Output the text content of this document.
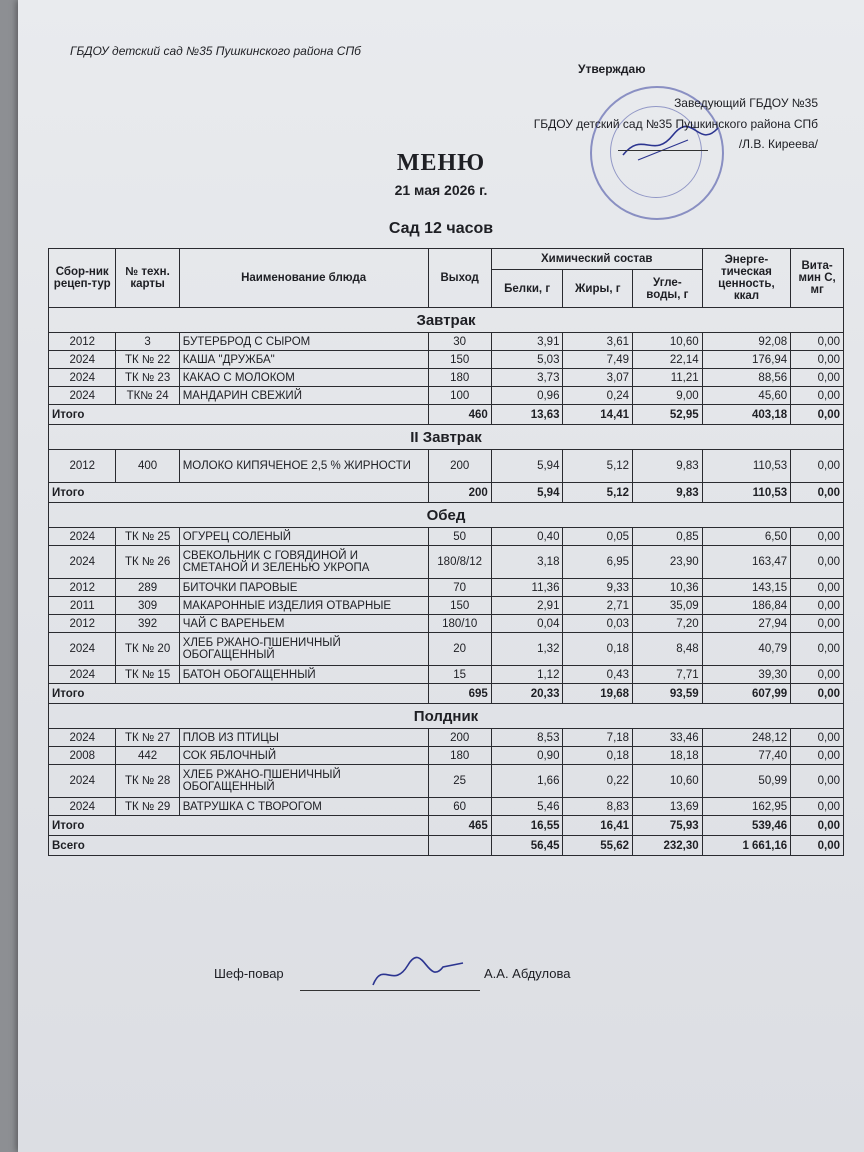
ГБДОУ детский сад №35 Пушкинского района СПб
Утверждаю
Заведующий ГБДОУ №35
ГБДОУ детский сад №35 Пушкинского района СПб
/Л.В. Киреева/
МЕНЮ
21 мая 2026 г.
Сад 12 часов
Сбор-ник рецеп-тур	№ техн. карты	Наименование блюда	Выход	Химический состав			Энерге-тическая ценность, ккал	Вита-мин С, мг
				Белки, г	Жиры, г	Угле-воды, г		
Завтрак								
2012	3	БУТЕРБРОД С СЫРОМ	30	3,91	3,61	10,60	92,08	0,00
2024	ТК № 22	КАША "ДРУЖБА"	150	5,03	7,49	22,14	176,94	0,00
2024	ТК № 23	КАКАО С МОЛОКОМ	180	3,73	3,07	11,21	88,56	0,00
2024	ТК№ 24	МАНДАРИН СВЕЖИЙ	100	0,96	0,24	9,00	45,60	0,00
Итого			460	13,63	14,41	52,95	403,18	0,00
II Завтрак								
2012	400	МОЛОКО КИПЯЧЕНОЕ 2,5 % ЖИРНОСТИ	200	5,94	5,12	9,83	110,53	0,00
Итого			200	5,94	5,12	9,83	110,53	0,00
Обед								
2024	ТК № 25	ОГУРЕЦ СОЛЕНЫЙ	50	0,40	0,05	0,85	6,50	0,00
2024	ТК № 26	СВЕКОЛЬНИК С ГОВЯДИНОЙ И СМЕТАНОЙ И ЗЕЛЕНЬЮ УКРОПА	180/8/12	3,18	6,95	23,90	163,47	0,00
2012	289	БИТОЧКИ ПАРОВЫЕ	70	11,36	9,33	10,36	143,15	0,00
2011	309	МАКАРОННЫЕ ИЗДЕЛИЯ ОТВАРНЫЕ	150	2,91	2,71	35,09	186,84	0,00
2012	392	ЧАЙ С ВАРЕНЬЕМ	180/10	0,04	0,03	7,20	27,94	0,00
2024	ТК № 20	ХЛЕБ РЖАНО-ПШЕНИЧНЫЙ ОБОГАЩЕННЫЙ	20	1,32	0,18	8,48	40,79	0,00
2024	ТК № 15	БАТОН ОБОГАЩЕННЫЙ	15	1,12	0,43	7,71	39,30	0,00
Итого			695	20,33	19,68	93,59	607,99	0,00
Полдник								
2024	ТК № 27	ПЛОВ ИЗ ПТИЦЫ	200	8,53	7,18	33,46	248,12	0,00
2008	442	СОК ЯБЛОЧНЫЙ	180	0,90	0,18	18,18	77,40	0,00
2024	ТК № 28	ХЛЕБ РЖАНО-ПШЕНИЧНЫЙ ОБОГАЩЕННЫЙ	25	1,66	0,22	10,60	50,99	0,00
2024	ТК № 29	ВАТРУШКА С ТВОРОГОМ	60	5,46	8,83	13,69	162,95	0,00
Итого			465	16,55	16,41	75,93	539,46	0,00
Всего				56,45	55,62	232,30	1 661,16	0,00
Шеф-повар	А.А. Абдулова
